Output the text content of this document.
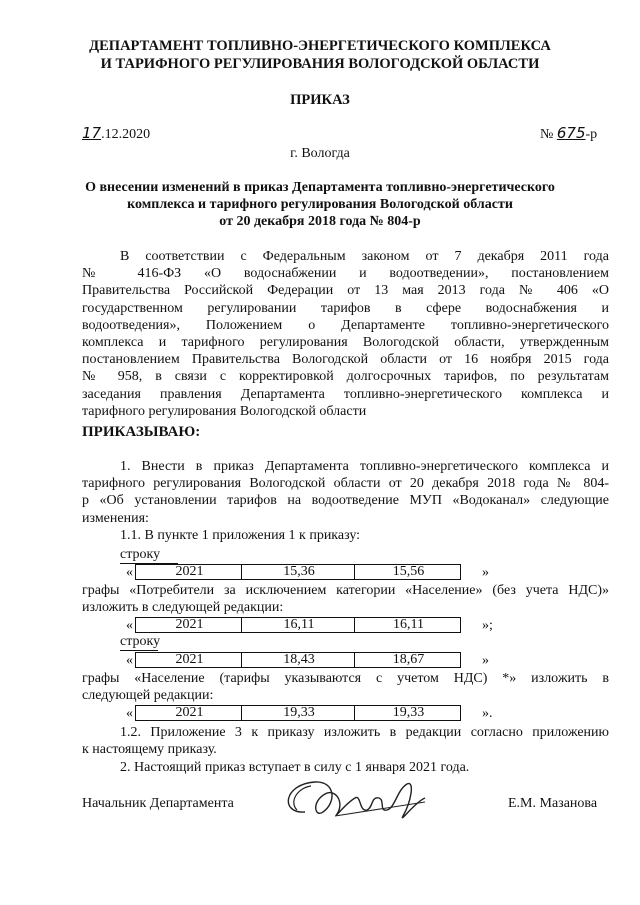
ДЕПАРТАМЕНТ ТОПЛИВНО-ЭНЕРГЕТИЧЕСКОГО КОМПЛЕКСА
И ТАРИФНОГО РЕГУЛИРОВАНИЯ ВОЛОГОДСКОЙ ОБЛАСТИ
ПРИКАЗ
17.12.2020	№ 675-р
г. Вологда
О внесении изменений в приказ Департамента топливно-энергетического
комплекса и тарифного регулирования Вологодской области
от 20 декабря 2018 года № 804-р
В соответствии с Федеральным законом от 7 декабря 2011 года
№ 416-ФЗ «О водоснабжении и водоотведении», постановлением
Правительства Российской Федерации от 13 мая 2013 года № 406 «О
государственном регулировании тарифов в сфере водоснабжения и
водоотведения», Положением о Департаменте топливно-энергетического
комплекса и тарифного регулирования Вологодской области, утвержденным
постановлением Правительства Вологодской области от 16 ноября 2015 года
№ 958, в связи с корректировкой долгосрочных тарифов, по результатам
заседания правления Департамента топливно-энергетического комплекса и
тарифного регулирования Вологодской области
ПРИКАЗЫВАЮ:
1. Внести в приказ Департамента топливно-энергетического комплекса и
тарифного регулирования Вологодской области от 20 декабря 2018 года № 804-
р «Об установлении тарифов на водоотведение МУП «Водоканал» следующие
изменения:
1.1. В пункте 1 приложения 1 к приказу:
строку
«	2021	15,36	15,56	»
графы «Потребители за исключением категории «Население» (без учета НДС)»
изложить в следующей редакции:
«	2021	16,11	16,11	»;
строку
«	2021	18,43	18,67	»
графы «Население (тарифы указываются с учетом НДС) *» изложить в
следующей редакции:
«	2021	19,33	19,33	».
1.2. Приложение 3 к приказу изложить в редакции согласно приложению
к настоящему приказу.
2. Настоящий приказ вступает в силу с 1 января 2021 года.
Начальник Департамента	Е.М. Мазанова
